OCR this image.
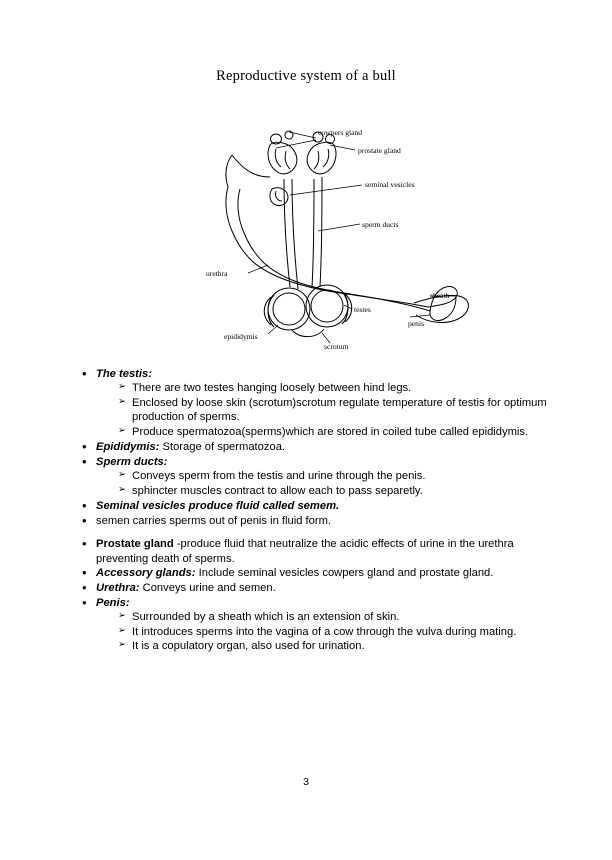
Reproductive system of a bull
cowpers gland
prostate gland
seminal vesicles
sperm ducts
urethra
sheath
penis
testes
epididymis
scrotum
• The testis:
➢ There are two testes hanging loosely between hind legs.
➢ Enclosed by loose skin (scrotum)scrotum regulate temperature of testis for optimum production of sperms.
➢ Produce spermatozoa(sperms)which are stored in coiled tube called epididymis.
• Epididymis: Storage of spermatozoa.
• Sperm ducts:
➢ Conveys sperm from the testis and urine through the penis.
➢ sphincter muscles contract to allow each to pass separetly.
• Seminal vesicles produce fluid called semem.
• semen carries sperms out of penis in fluid form.
• Prostate gland -produce fluid that neutralize the acidic effects of urine in the urethra preventing death of sperms.
• Accessory glands: Include seminal vesicles cowpers gland and prostate gland.
• Urethra: Conveys urine and semen.
• Penis:
➢ Surrounded by a sheath which is an extension of skin.
➢ It introduces sperms into the vagina of a cow through the vulva during mating.
➢ It is a copulatory organ, also used for urination.
3
